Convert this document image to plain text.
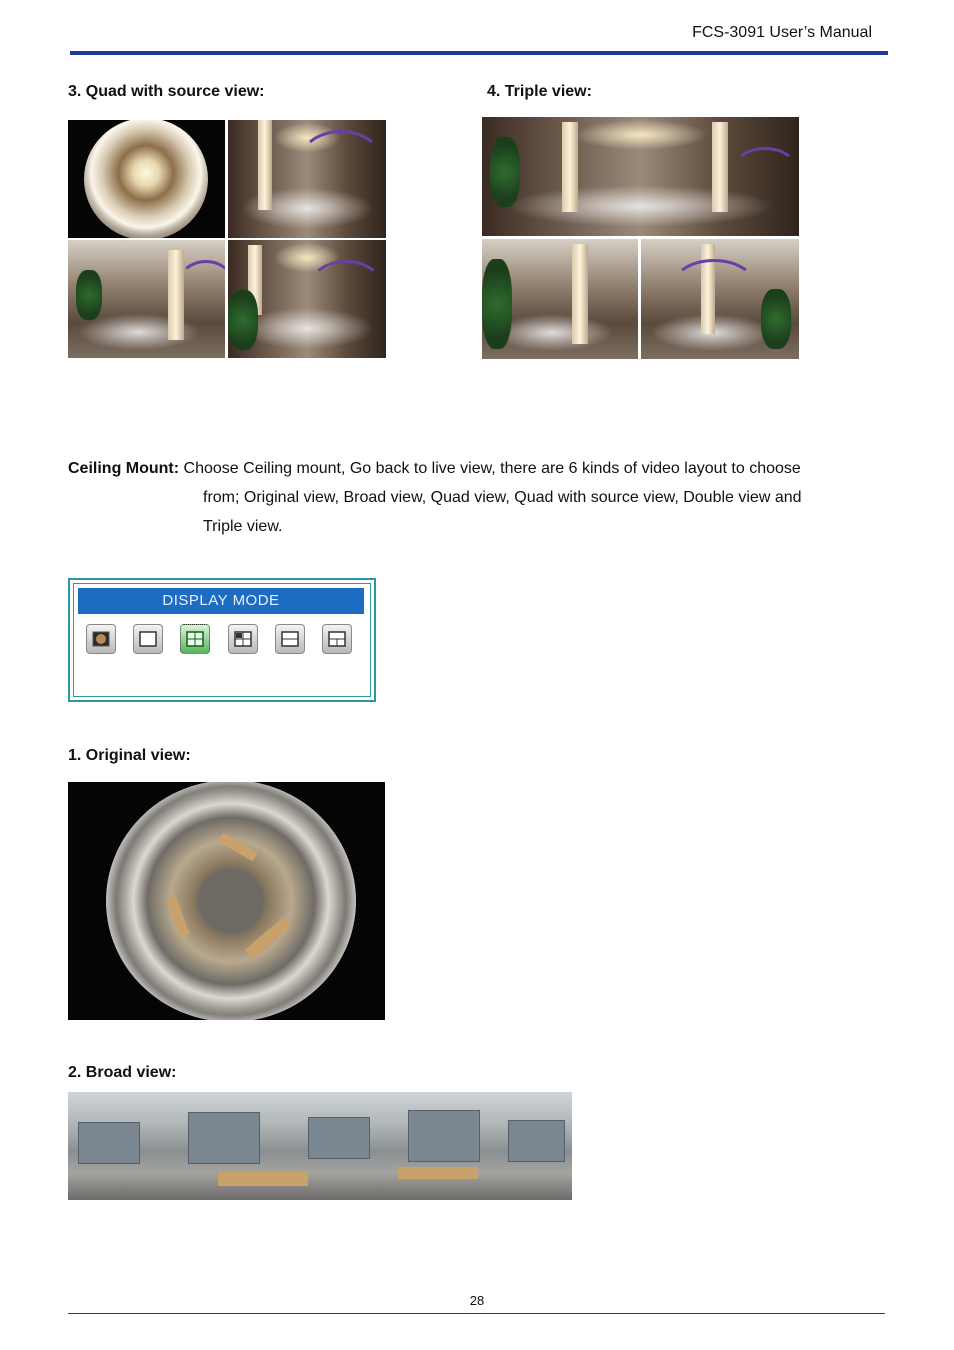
FCS-3091 User’s Manual
3. Quad with source view:	4. Triple view:
Ceiling Mount: Choose Ceiling mount, Go back to live view, there are 6 kinds of video layout to choose
from; Original view, Broad view, Quad view, Quad with source view, Double view and
Triple view.
DISPLAY MODE
1. Original view:
2. Broad view:
28
